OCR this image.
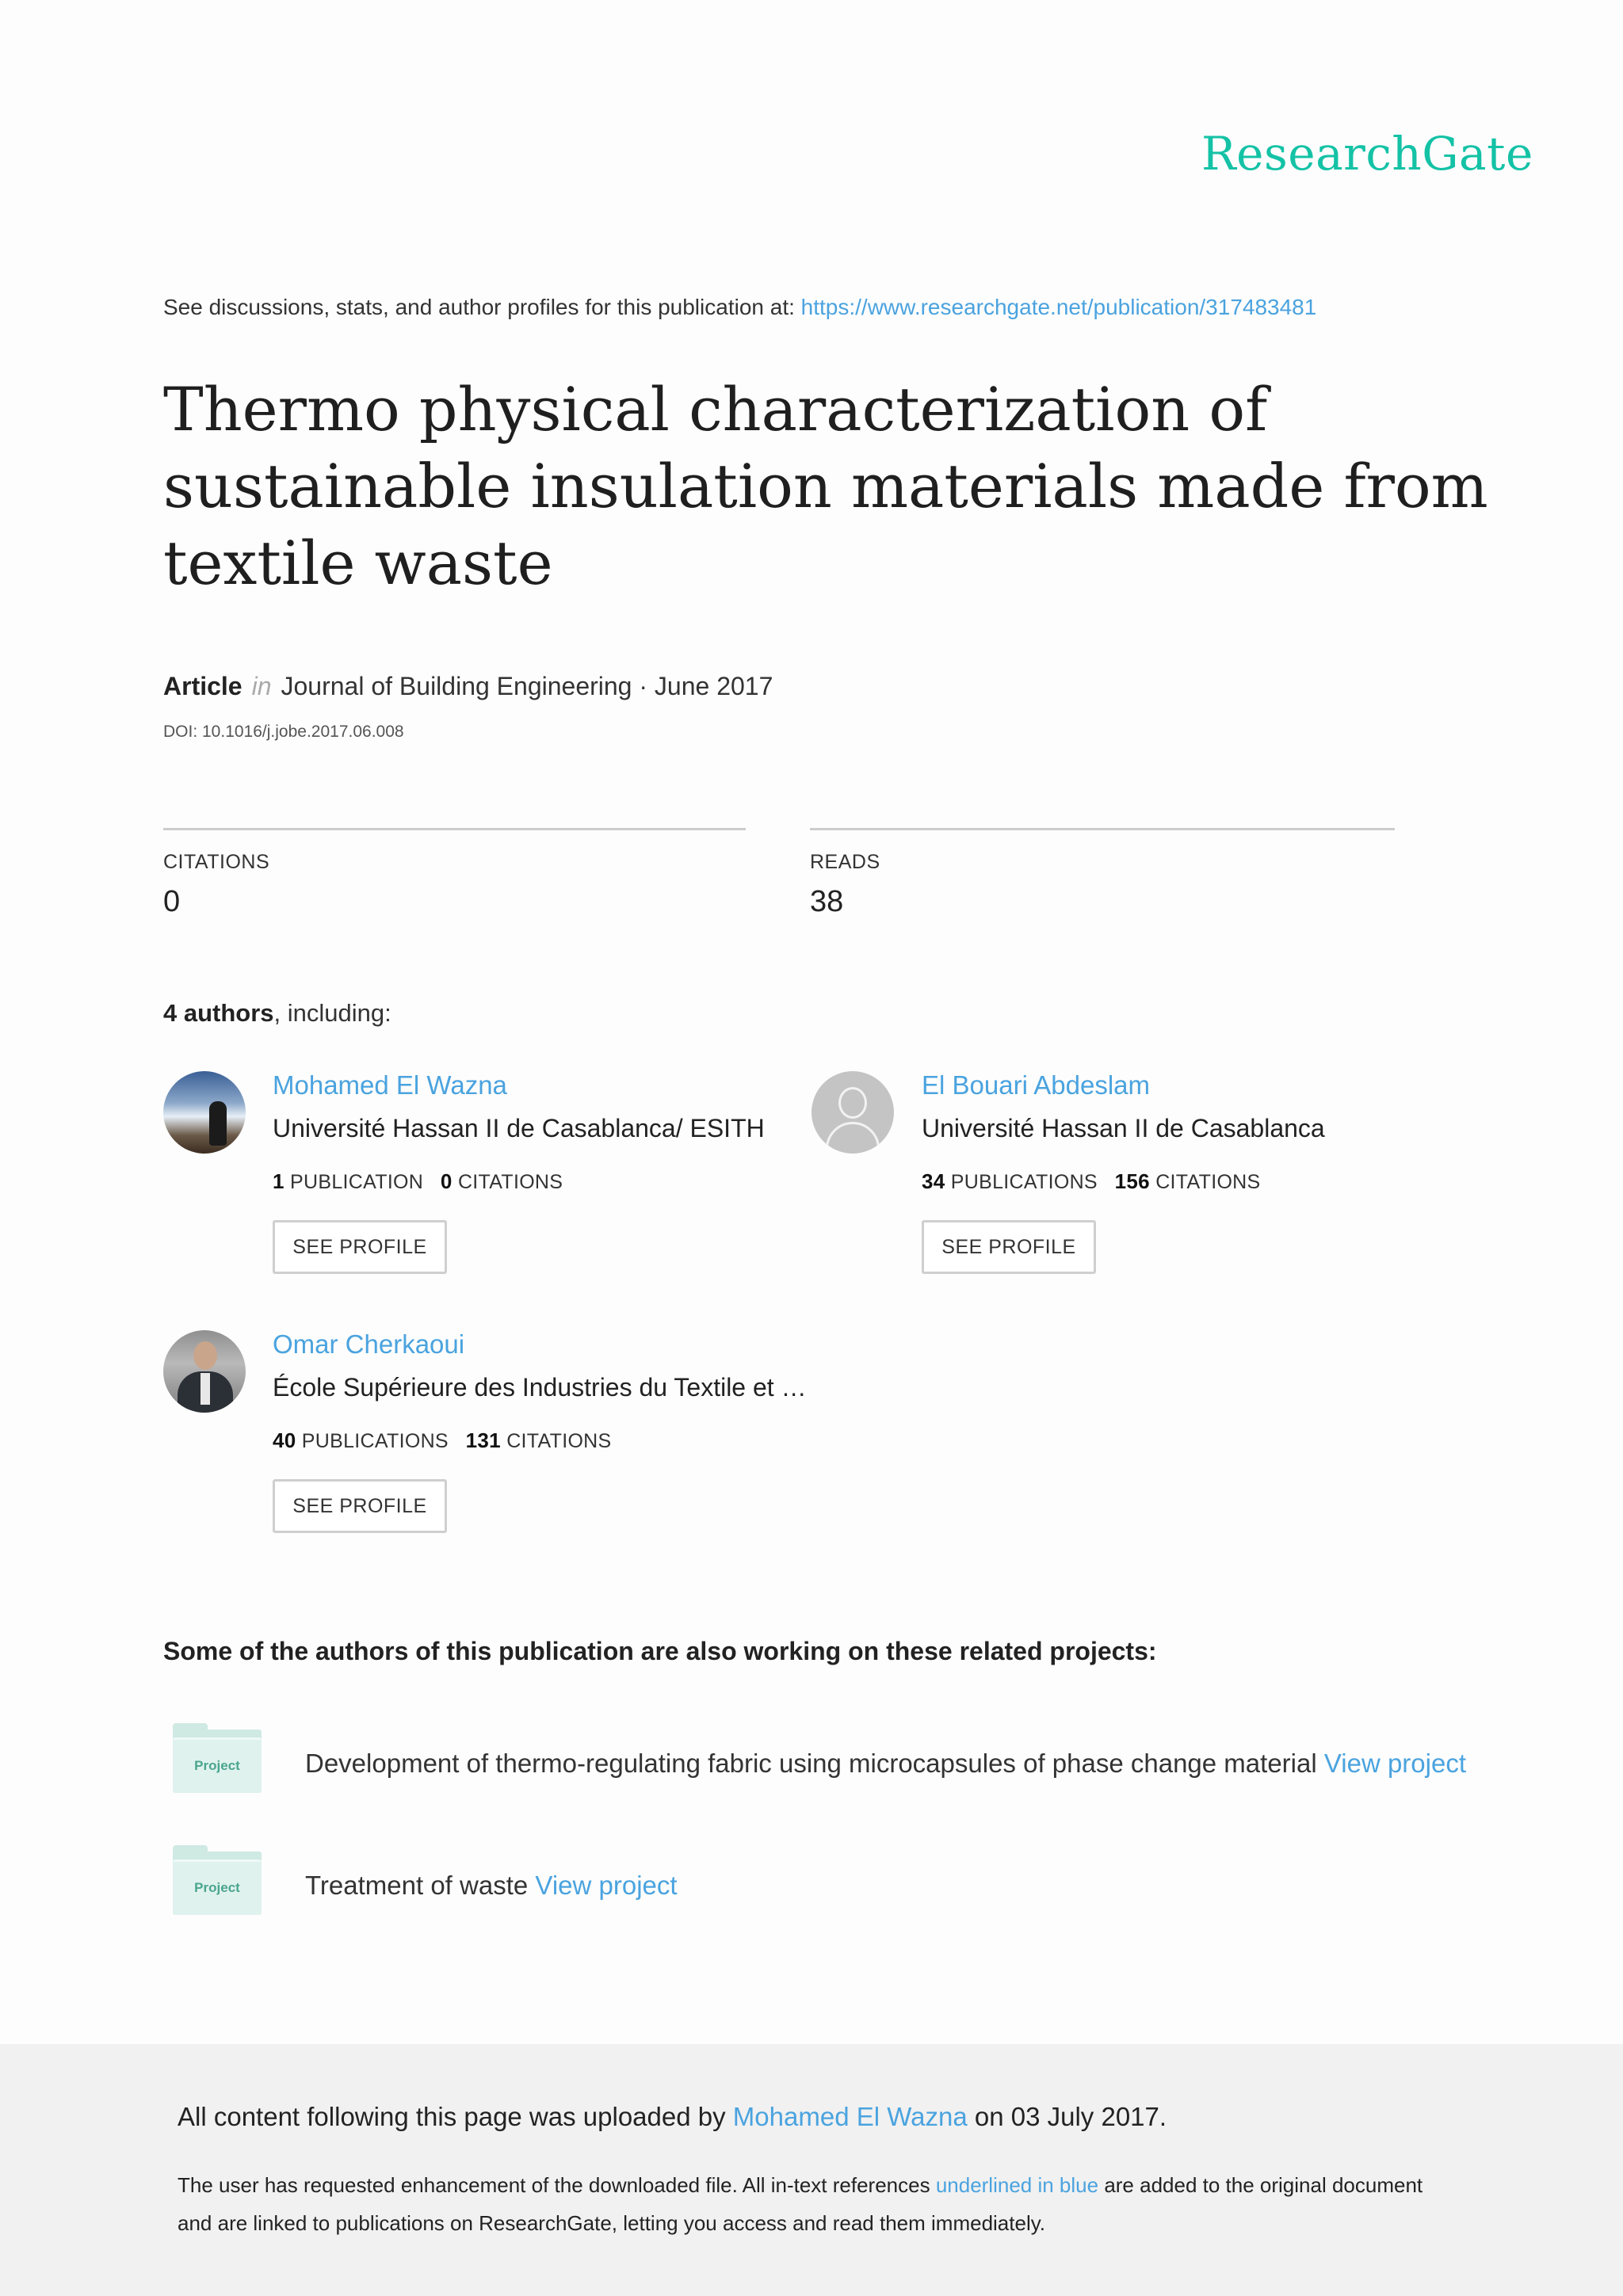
ResearchGate
See discussions, stats, and author profiles for this publication at: https://www.researchgate.net/publication/317483481
Thermo physical characterization of
sustainable insulation materials made from
textile waste
Article in Journal of Building Engineering · June 2017
DOI: 10.1016/j.jobe.2017.06.008
CITATIONS
0
READS
38
4 authors, including:
Mohamed El Wazna
Université Hassan II de Casablanca/ ESITH
1 PUBLICATION 0 CITATIONS
SEE PROFILE
El Bouari Abdeslam
Université Hassan II de Casablanca
34 PUBLICATIONS 156 CITATIONS
SEE PROFILE
Omar Cherkaoui
École Supérieure des Industries du Textile et …
40 PUBLICATIONS 131 CITATIONS
SEE PROFILE
Some of the authors of this publication are also working on these related projects:
Project	Development of thermo-regulating fabric using microcapsules of phase change material View project
Project	Treatment of waste View project
All content following this page was uploaded by Mohamed El Wazna on 03 July 2017.
The user has requested enhancement of the downloaded file. All in-text references underlined in blue are added to the original document
and are linked to publications on ResearchGate, letting you access and read them immediately.
